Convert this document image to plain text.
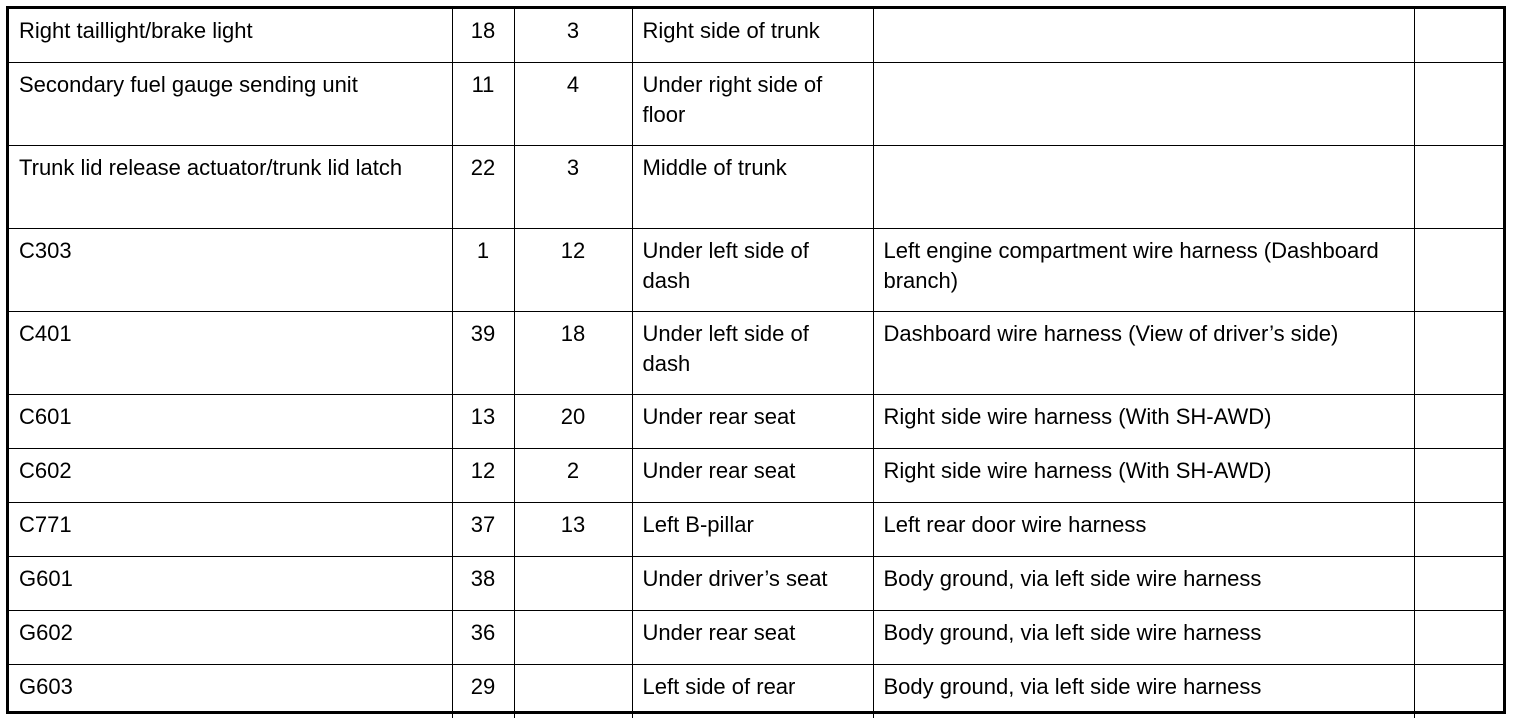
Right taillight/brake light	18	3	Right side of trunk		
Secondary fuel gauge sending unit	11	4	Under right side of floor		
Trunk lid release actuator/trunk lid latch	22	3	Middle of trunk		
C303	1	12	Under left side of dash	Left engine compartment wire harness (Dashboard branch)	
C401	39	18	Under left side of dash	Dashboard wire harness (View of driver’s side)	
C601	13	20	Under rear seat	Right side wire harness (With SH-AWD)	
C602	12	2	Under rear seat	Right side wire harness (With SH-AWD)	
C771	37	13	Left B-pillar	Left rear door wire harness	
G601	38		Under driver’s seat	Body ground, via left side wire harness	
G602	36		Under rear seat	Body ground, via left side wire harness	
G603	29		Left side of rear	Body ground, via left side wire harness	
